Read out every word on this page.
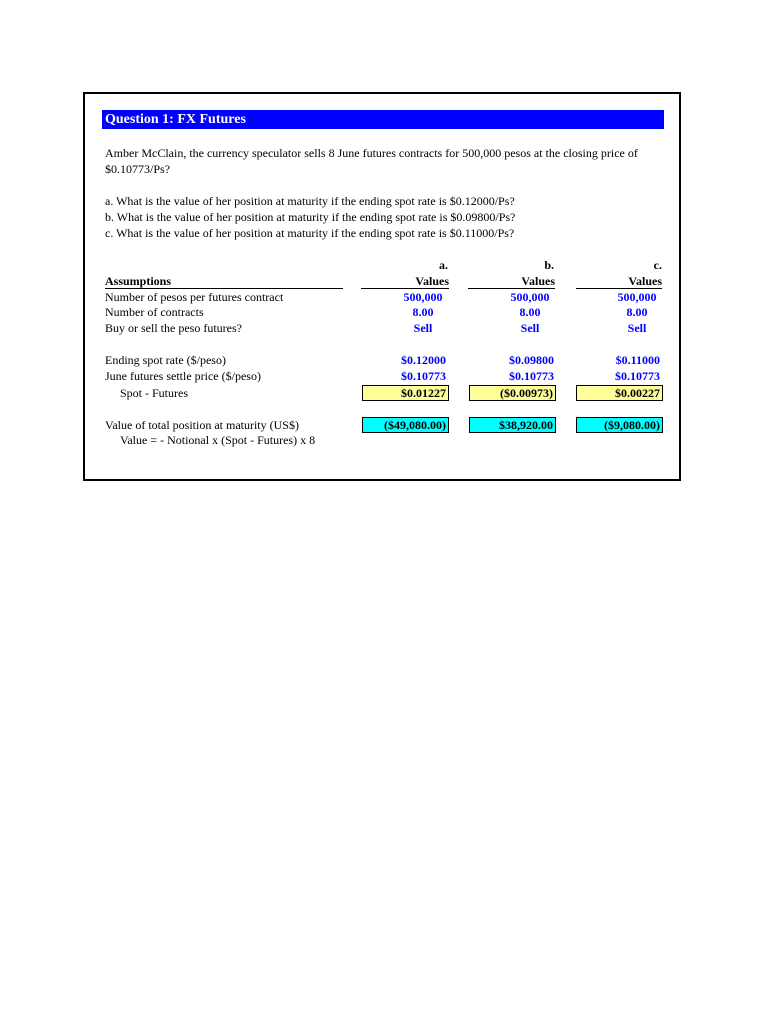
Question 1: FX Futures
Amber McClain, the currency speculator sells 8 June futures contracts for 500,000 pesos at the closing price of
$0.10773/Ps?
a. What is the value of her position at maturity if the ending spot rate is $0.12000/Ps?
b. What is the value of her position at maturity if the ending spot rate is $0.09800/Ps?
c. What is the value of her position at maturity if the ending spot rate is $0.11000/Ps?
a.	b.	c.
Assumptions	Values	Values	Values
Number of pesos per futures contract	500,000	500,000	500,000
Number of contracts	8.00	8.00	8.00
Buy or sell the peso futures?	Sell	Sell	Sell
Ending spot rate ($/peso)	$0.12000	$0.09800	$0.11000
June futures settle price ($/peso)	$0.10773	$0.10773	$0.10773
Spot - Futures	$0.01227	($0.00973)	$0.00227
Value of total position at maturity (US$)	($49,080.00)	$38,920.00	($9,080.00)
Value = - Notional x (Spot - Futures) x 8
